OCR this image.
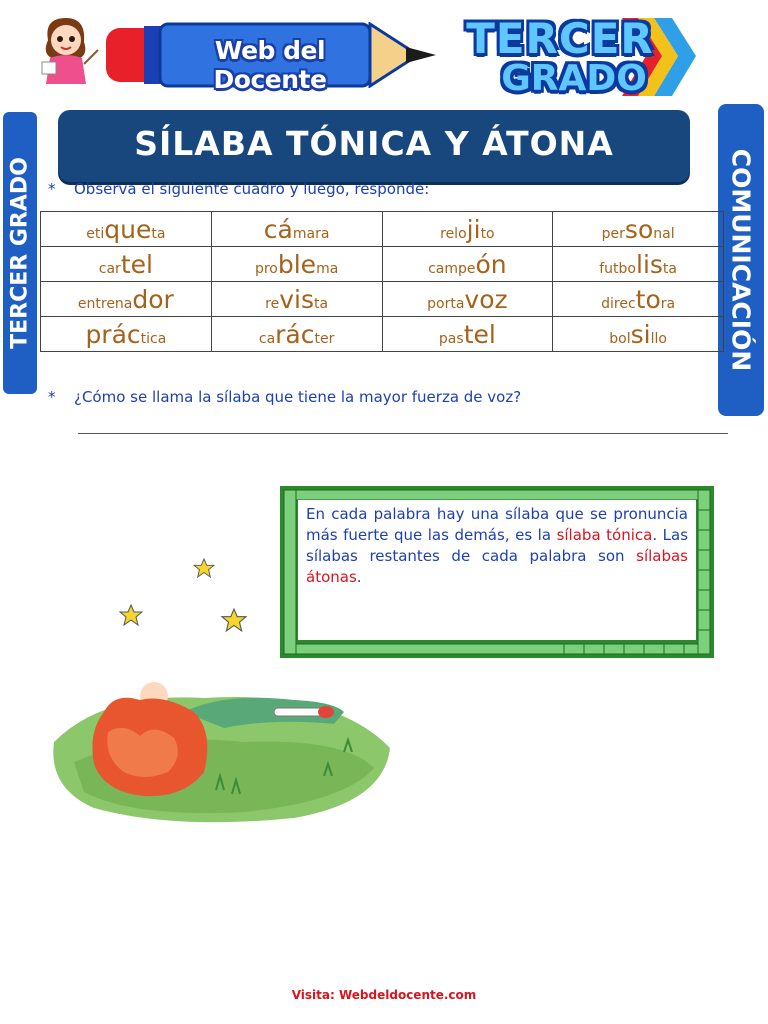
Web del Docente
TERCER
GRADO
TERCER GRADO	COMUNICACIÓN
SÍLABA TÓNICA Y ÁTONA
* Observa el siguiente cuadro y luego, responde:
etiqueta	cámara	relojito	personal
cartel	problema	campeón	futbolista
entrenador	revista	portavoz	directora
práctica	carácter	pastel	bolsillo
* ¿Cómo se llama la sílaba que tiene la mayor fuerza de voz?
En cada palabra hay una sílaba que se pronuncia más fuerte que las demás, es la sílaba tónica. Las sílabas restantes de cada palabra son sílabas átonas.
Visita: Webdeldocente.com
